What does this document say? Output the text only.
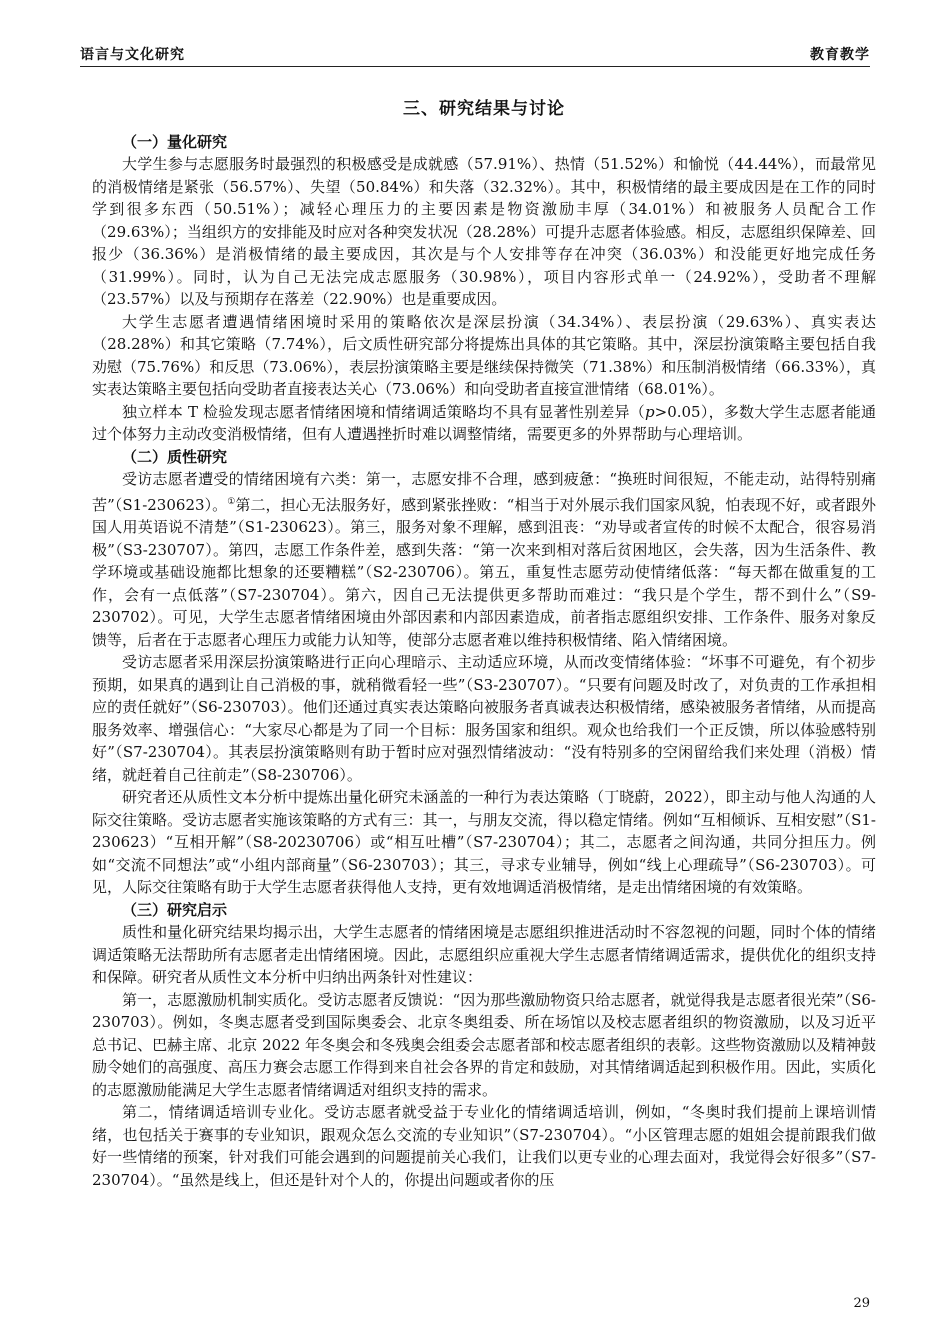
语言与文化研究	教育教学
三、研究结果与讨论
（一）量化研究

大学生参与志愿服务时最强烈的积极感受是成就感（57.91%）、热情（51.52%）和愉悦（44.44%），而最常见的消极情绪是紧张（56.57%）、失望（50.84%）和失落（32.32%）。其中，积极情绪的最主要成因是在工作的同时学到很多东西（50.51%）；减轻心理压力的主要因素是物资激励丰厚（34.01%）和被服务人员配合工作（29.63%）；当组织方的安排能及时应对各种突发状况（28.28%）可提升志愿者体验感。相反，志愿组织保障差、回报少（36.36%）是消极情绪的最主要成因，其次是与个人安排等存在冲突（36.03%）和没能更好地完成任务（31.99%）。同时，认为自己无法完成志愿服务（30.98%），项目内容形式单一（24.92%），受助者不理解（23.57%）以及与预期存在落差（22.90%）也是重要成因。

大学生志愿者遭遇情绪困境时采用的策略依次是深层扮演（34.34%）、表层扮演（29.63%）、真实表达（28.28%）和其它策略（7.74%），后文质性研究部分将提炼出具体的其它策略。其中，深层扮演策略主要包括自我劝慰（75.76%）和反思（73.06%），表层扮演策略主要是继续保持微笑（71.38%）和压制消极情绪（66.33%），真实表达策略主要包括向受助者直接表达关心（73.06%）和向受助者直接宣泄情绪（68.01%）。

独立样本 T 检验发现志愿者情绪困境和情绪调适策略均不具有显著性别差异（p>0.05），多数大学生志愿者能通过个体努力主动改变消极情绪，但有人遭遇挫折时难以调整情绪，需要更多的外界帮助与心理培训。

（二）质性研究

受访志愿者遭受的情绪困境有六类：第一，志愿安排不合理，感到疲惫：“换班时间很短，不能走动，站得特别痛苦”（S1-230623）。①第二，担心无法服务好，感到紧张挫败：“相当于对外展示我们国家风貌，怕表现不好，或者跟外国人用英语说不清楚”（S1-230623）。第三，服务对象不理解，感到沮丧：“劝导或者宣传的时候不太配合，很容易消极”（S3-230707）。第四，志愿工作条件差，感到失落：“第一次来到相对落后贫困地区，会失落，因为生活条件、教学环境或基础设施都比想象的还要糟糕”（S2-230706）。第五，重复性志愿劳动使情绪低落：“每天都在做重复的工作，会有一点低落”（S7-230704）。第六，因自己无法提供更多帮助而难过：“我只是个学生，帮不到什么”（S9-230702）。可见，大学生志愿者情绪困境由外部因素和内部因素造成，前者指志愿组织安排、工作条件、服务对象反馈等，后者在于志愿者心理压力或能力认知等，使部分志愿者难以维持积极情绪、陷入情绪困境。

受访志愿者采用深层扮演策略进行正向心理暗示、主动适应环境，从而改变情绪体验：“坏事不可避免，有个初步预期，如果真的遇到让自己消极的事，就稍微看轻一些”（S3-230707）。“只要有问题及时改了，对负责的工作承担相应的责任就好”（S6-230703）。他们还通过真实表达策略向被服务者真诚表达积极情绪，感染被服务者情绪，从而提高服务效率、增强信心：“大家尽心都是为了同一个目标：服务国家和组织。观众也给我们一个正反馈，所以体验感特别好”（S7-230704）。其表层扮演策略则有助于暂时应对强烈情绪波动：“没有特别多的空闲留给我们来处理（消极）情绪，就赶着自己往前走”（S8-230706）。

研究者还从质性文本分析中提炼出量化研究未涵盖的一种行为表达策略（丁晓蔚，2022），即主动与他人沟通的人际交往策略。受访志愿者实施该策略的方式有三：其一，与朋友交流，得以稳定情绪。例如“互相倾诉、互相安慰”（S1-230623）“互相开解”（S8-20230706）或“相互吐槽”（S7-230704）；其二，志愿者之间沟通，共同分担压力。例如“交流不同想法”或“小组内部商量”（S6-230703）；其三，寻求专业辅导，例如“线上心理疏导”（S6-230703）。可见，人际交往策略有助于大学生志愿者获得他人支持，更有效地调适消极情绪，是走出情绪困境的有效策略。

（三）研究启示

质性和量化研究结果均揭示出，大学生志愿者的情绪困境是志愿组织推进活动时不容忽视的问题，同时个体的情绪调适策略无法帮助所有志愿者走出情绪困境。因此，志愿组织应重视大学生志愿者情绪调适需求，提供优化的组织支持和保障。研究者从质性文本分析中归纳出两条针对性建议：

第一，志愿激励机制实质化。受访志愿者反馈说：“因为那些激励物资只给志愿者，就觉得我是志愿者很光荣”（S6-230703）。例如，冬奥志愿者受到国际奥委会、北京冬奥组委、所在场馆以及校志愿者组织的物资激励，以及习近平总书记、巴赫主席、北京 2022 年冬奥会和冬残奥会组委会志愿者部和校志愿者组织的表彰。这些物资激励以及精神鼓励令她们的高强度、高压力赛会志愿工作得到来自社会各界的肯定和鼓励，对其情绪调适起到积极作用。因此，实质化的志愿激励能满足大学生志愿者情绪调适对组织支持的需求。

第二，情绪调适培训专业化。受访志愿者就受益于专业化的情绪调适培训，例如，“冬奥时我们提前上课培训情绪，也包括关于赛事的专业知识，跟观众怎么交流的专业知识”（S7-230704）。“小区管理志愿的姐姐会提前跟我们做好一些情绪的预案，针对我们可能会遇到的问题提前关心我们，让我们以更专业的心理去面对，我觉得会好很多”（S7-230704）。“虽然是线上，但还是针对个人的，你提出问题或者你的压

29
